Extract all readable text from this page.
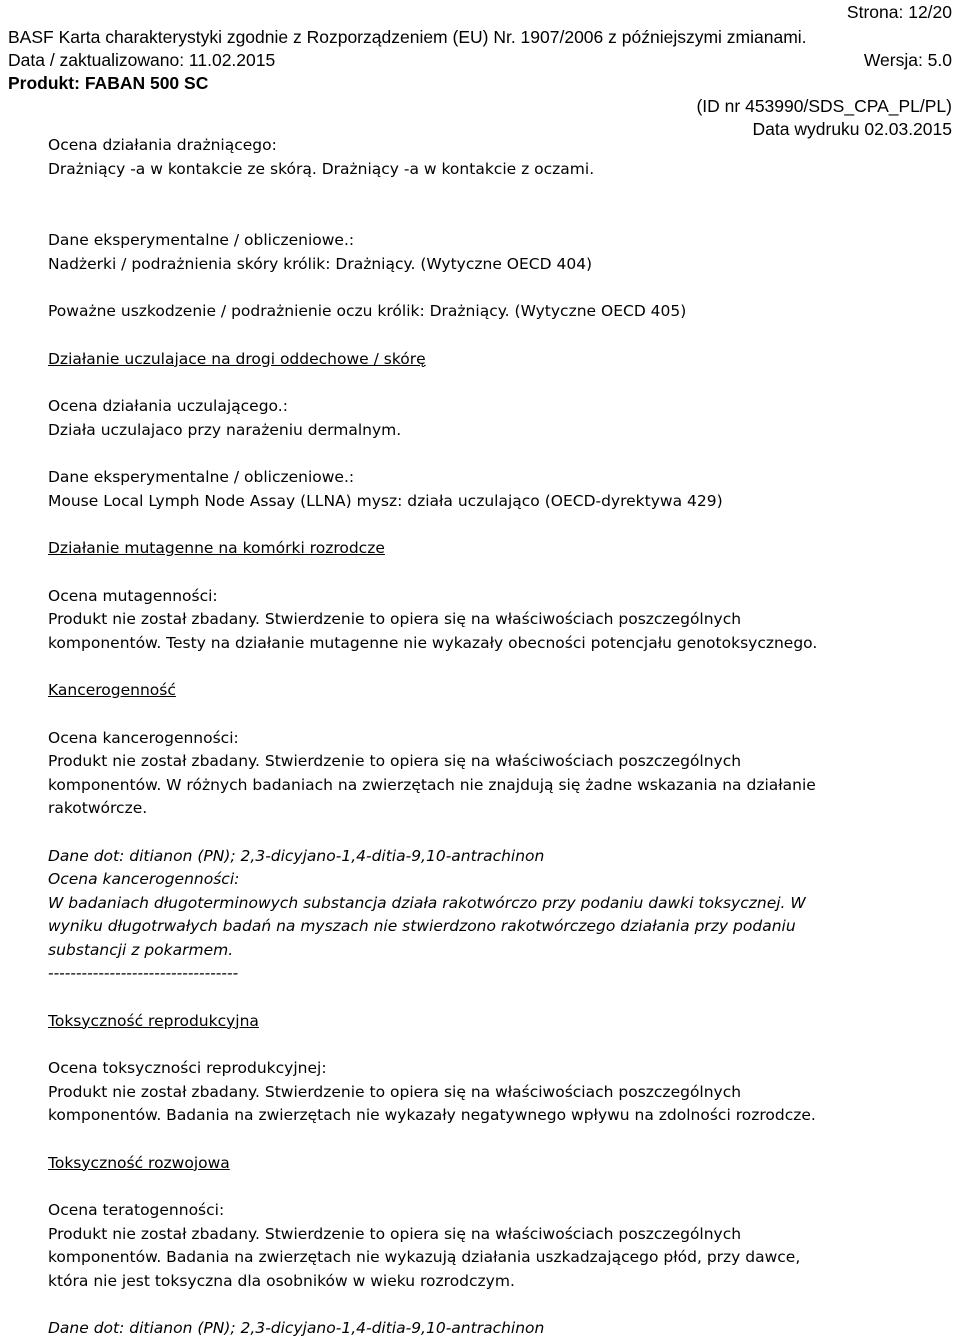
Strona: 12/20
BASF Karta charakterystyki zgodnie z Rozporządzeniem (EU) Nr. 1907/2006 z późniejszymi zmianami.
Data / zaktualizowano: 11.02.2015	Wersja: 5.0
Produkt: FABAN 500 SC
(ID nr 453990/SDS_CPA_PL/PL)
Data wydruku 02.03.2015

Ocena działania drażniącego:

Drażniący -a w kontakcie ze skórą. Drażniący -a w kontakcie z oczami.

Dane eksperymentalne / obliczeniowe.:

Nadżerki / podrażnienia skóry królik: Drażniący. (Wytyczne OECD 404)

Poważne uszkodzenie / podrażnienie oczu królik: Drażniący. (Wytyczne OECD 405)

Działanie uczulajace na drogi oddechowe / skórę

Ocena działania uczulającego.:

Działa uczulajaco przy narażeniu dermalnym.

Dane eksperymentalne / obliczeniowe.:

Mouse Local Lymph Node Assay (LLNA) mysz: działa uczulająco (OECD-dyrektywa 429)

Działanie mutagenne na komórki rozrodcze

Ocena mutagenności:

Produkt nie został zbadany. Stwierdzenie to opiera się na właściwościach poszczególnych

komponentów. Testy na działanie mutagenne nie wykazały obecności potencjału genotoksycznego.

Kancerogenność

Ocena kancerogenności:

Produkt nie został zbadany. Stwierdzenie to opiera się na właściwościach poszczególnych

komponentów. W różnych badaniach na zwierzętach nie znajdują się żadne wskazania na działanie

rakotwórcze.

Dane dot: ditianon (PN); 2,3-dicyjano-1,4-ditia-9,10-antrachinon

Ocena kancerogenności:

W badaniach długoterminowych substancja działa rakotwórczo przy podaniu dawki toksycznej. W

wyniku długotrwałych badań na myszach nie stwierdzono rakotwórczego działania przy podaniu

substancji z pokarmem.

----------------------------------

Toksyczność reprodukcyjna

Ocena toksyczności reprodukcyjnej:

Produkt nie został zbadany. Stwierdzenie to opiera się na właściwościach poszczególnych

komponentów. Badania na zwierzętach nie wykazały negatywnego wpływu na zdolności rozrodcze.

Toksyczność rozwojowa

Ocena teratogenności:

Produkt nie został zbadany. Stwierdzenie to opiera się na właściwościach poszczególnych

komponentów. Badania na zwierzętach nie wykazują działania uszkadzającego płód, przy dawce,

która nie jest toksyczna dla osobników w wieku rozrodczym.

Dane dot: ditianon (PN); 2,3-dicyjano-1,4-ditia-9,10-antrachinon
